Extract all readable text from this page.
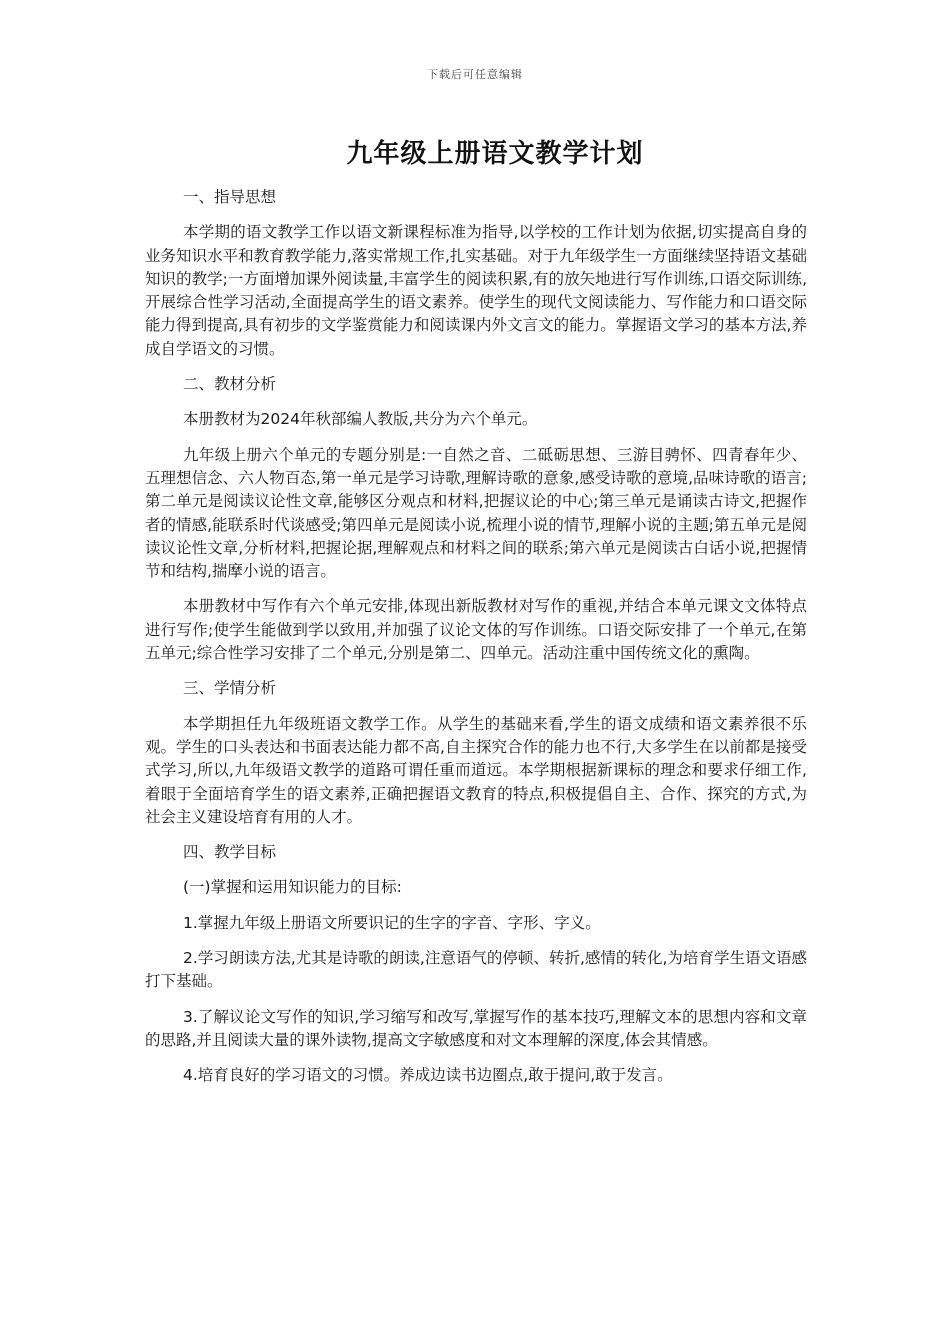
下载后可任意编辑
九年级上册语文教学计划

一、指导思想

本学期的语文教学工作以语文新课程标准为指导,以学校的工作计划为依据,切实提高自身的业务知识水平和教育教学能力,落实常规工作,扎实基础。对于九年级学生一方面继续坚持语文基础知识的教学;一方面增加课外阅读量,丰富学生的阅读积累,有的放矢地进行写作训练,口语交际训练,开展综合性学习活动,全面提高学生的语文素养。使学生的现代文阅读能力、写作能力和口语交际能力得到提高,具有初步的文学鉴赏能力和阅读课内外文言文的能力。掌握语文学习的基本方法,养成自学语文的习惯。

二、教材分析

本册教材为2024年秋部编人教版,共分为六个单元。

九年级上册六个单元的专题分别是:一自然之音、二砥砺思想、三游目骋怀、四青春年少、五理想信念、六人物百态,第一单元是学习诗歌,理解诗歌的意象,感受诗歌的意境,品味诗歌的语言;第二单元是阅读议论性文章,能够区分观点和材料,把握议论的中心;第三单元是诵读古诗文,把握作者的情感,能联系时代谈感受;第四单元是阅读小说,梳理小说的情节,理解小说的主题;第五单元是阅读议论性文章,分析材料,把握论据,理解观点和材料之间的联系;第六单元是阅读古白话小说,把握情节和结构,揣摩小说的语言。

本册教材中写作有六个单元安排,体现出新版教材对写作的重视,并结合本单元课文文体特点进行写作;使学生能做到学以致用,并加强了议论文体的写作训练。口语交际安排了一个单元,在第五单元;综合性学习安排了二个单元,分别是第二、四单元。活动注重中国传统文化的熏陶。

三、学情分析

本学期担任九年级班语文教学工作。从学生的基础来看,学生的语文成绩和语文素养很不乐观。学生的口头表达和书面表达能力都不高,自主探究合作的能力也不行,大多学生在以前都是接受式学习,所以,九年级语文教学的道路可谓任重而道远。本学期根据新课标的理念和要求仔细工作,着眼于全面培育学生的语文素养,正确把握语文教育的特点,积极提倡自主、合作、探究的方式,为社会主义建设培育有用的人才。

四、教学目标

(一)掌握和运用知识能力的目标:

1.掌握九年级上册语文所要识记的生字的字音、字形、字义。

2.学习朗读方法,尤其是诗歌的朗读,注意语气的停顿、转折,感情的转化,为培育学生语文语感打下基础。

3.了解议论文写作的知识,学习缩写和改写,掌握写作的基本技巧,理解文本的思想内容和文章的思路,并且阅读大量的课外读物,提高文字敏感度和对文本理解的深度,体会其情感。

4.培育良好的学习语文的习惯。养成边读书边圈点,敢于提问,敢于发言。
